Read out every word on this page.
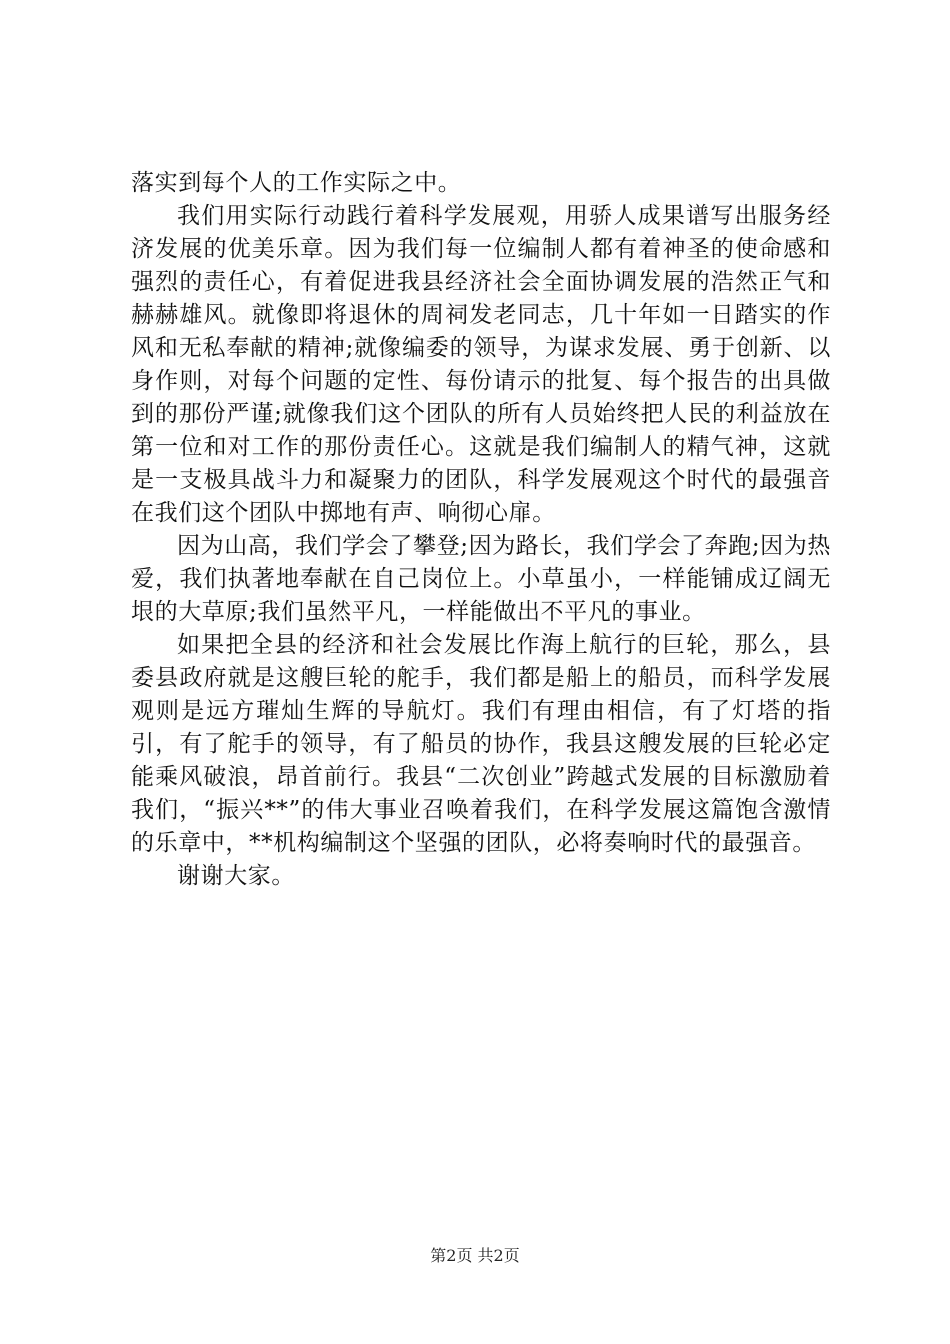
落实到每个人的工作实际之中。

我们用实际行动践行着科学发展观，用骄人成果谱写出服务经济发展的优美乐章。因为我们每一位编制人都有着神圣的使命感和强烈的责任心，有着促进我县经济社会全面协调发展的浩然正气和赫赫雄风。就像即将退休的周祠发老同志，几十年如一日踏实的作风和无私奉献的精神;就像编委的领导，为谋求发展、勇于创新、以身作则，对每个问题的定性、每份请示的批复、每个报告的出具做到的那份严谨;就像我们这个团队的所有人员始终把人民的利益放在第一位和对工作的那份责任心。这就是我们编制人的精气神，这就是一支极具战斗力和凝聚力的团队，科学发展观这个时代的最强音在我们这个团队中掷地有声、响彻心扉。

因为山高，我们学会了攀登;因为路长，我们学会了奔跑;因为热爱，我们执著地奉献在自己岗位上。小草虽小，一样能铺成辽阔无垠的大草原;我们虽然平凡，一样能做出不平凡的事业。

如果把全县的经济和社会发展比作海上航行的巨轮，那么，县委县政府就是这艘巨轮的舵手，我们都是船上的船员，而科学发展观则是远方璀灿生辉的导航灯。我们有理由相信，有了灯塔的指引，有了舵手的领导，有了船员的协作，我县这艘发展的巨轮必定能乘风破浪，昂首前行。我县“二次创业”跨越式发展的目标激励着我们，“振兴**”的伟大事业召唤着我们，在科学发展这篇饱含激情的乐章中，**机构编制这个坚强的团队，必将奏响时代的最强音。

谢谢大家。

第2页 共2页
